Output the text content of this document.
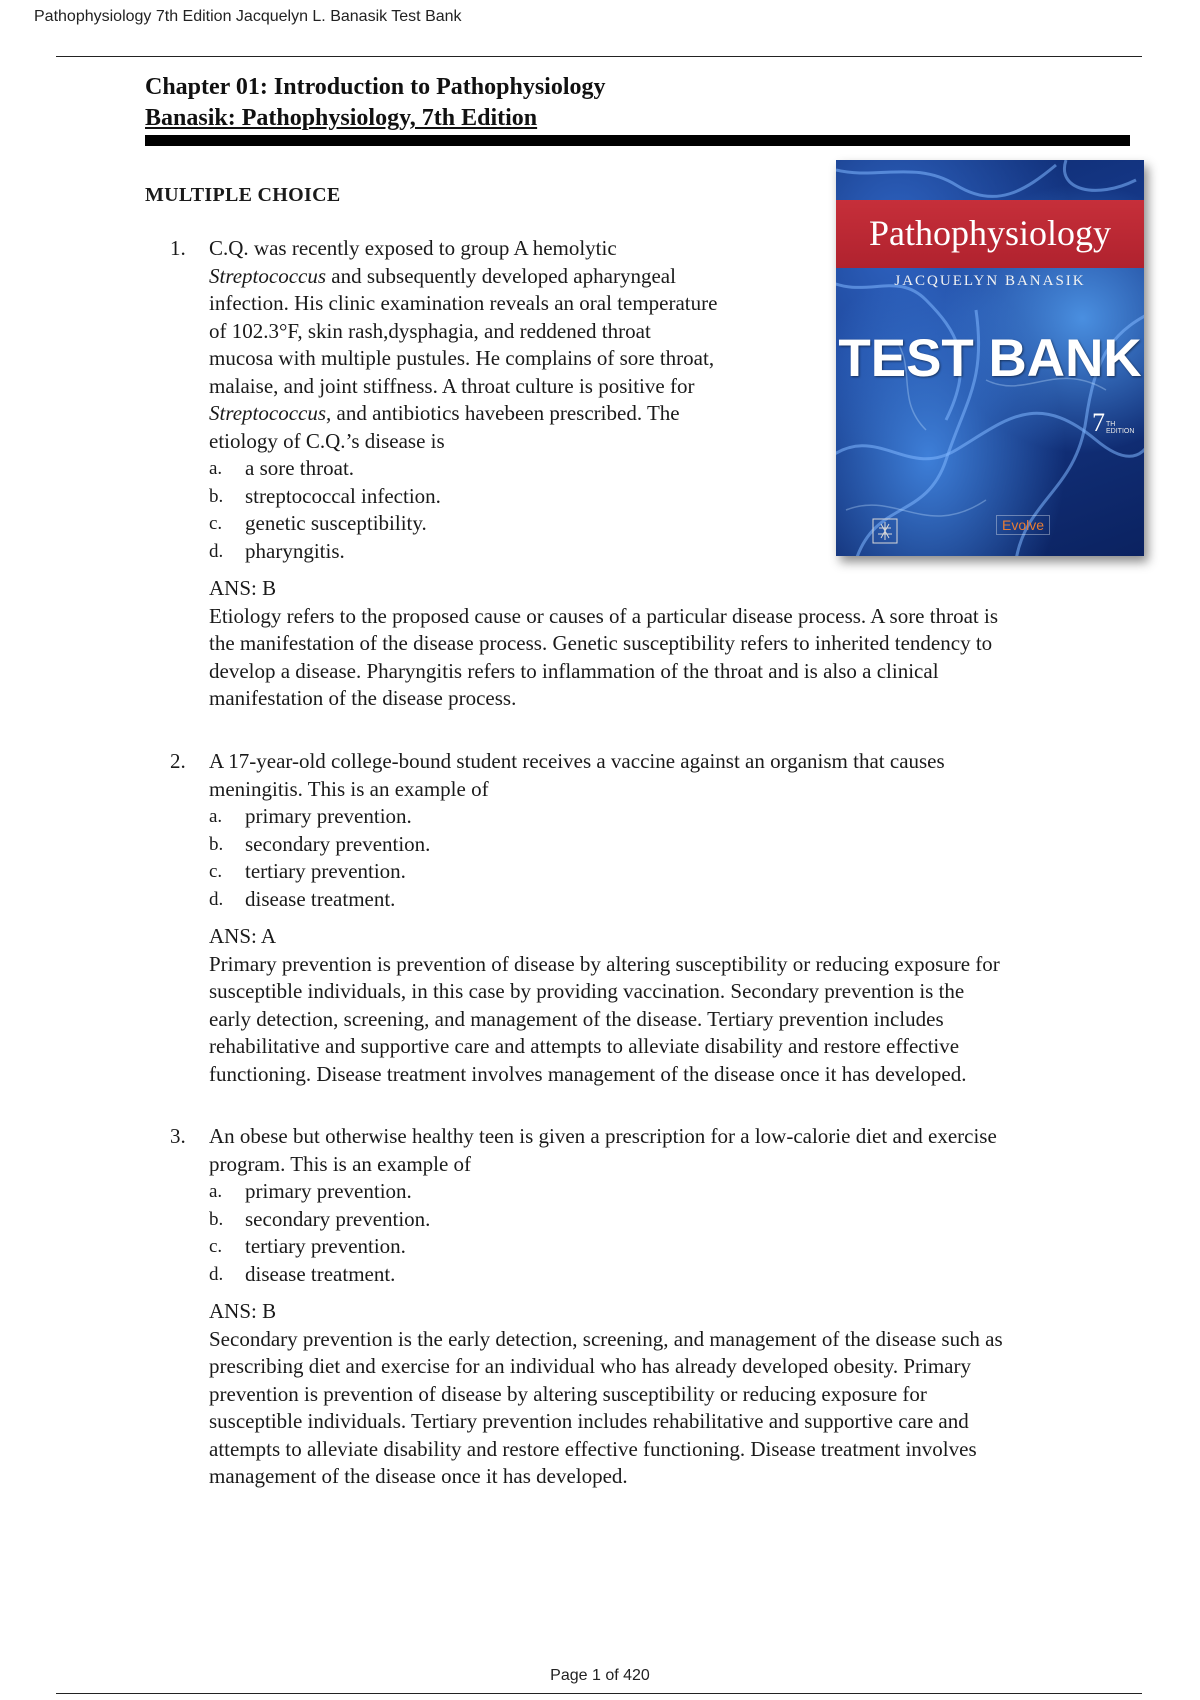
Pathophysiology 7th Edition Jacquelyn L. Banasik Test Bank
Chapter 01: Introduction to Pathophysiology
Banasik: Pathophysiology, 7th Edition
MULTIPLE CHOICE
Pathophysiology
JACQUELYN BANASIK
TEST BANK
7 TH EDITION
Evolve
1.	C.Q. was recently exposed to group A hemolytic
Streptococcus and subsequently developed apharyngeal
infection. His clinic examination reveals an oral temperature
of 102.3°F, skin rash,dysphagia, and reddened throat
mucosa with multiple pustules. He complains of sore throat,
malaise, and joint stiffness. A throat culture is positive for
Streptococcus, and antibiotics havebeen prescribed. The
etiology of C.Q.’s disease is
a. a sore throat.
b. streptococcal infection.
c. genetic susceptibility.
d. pharyngitis.
ANS: B
Etiology refers to the proposed cause or causes of a particular disease process. A sore throat is
the manifestation of the disease process. Genetic susceptibility refers to inherited tendency to
develop a disease. Pharyngitis refers to inflammation of the throat and is also a clinical
manifestation of the disease process.
2.	A 17-year-old college-bound student receives a vaccine against an organism that causes
meningitis. This is an example of
a. primary prevention.
b. secondary prevention.
c. tertiary prevention.
d. disease treatment.
ANS: A
Primary prevention is prevention of disease by altering susceptibility or reducing exposure for
susceptible individuals, in this case by providing vaccination. Secondary prevention is the
early detection, screening, and management of the disease. Tertiary prevention includes
rehabilitative and supportive care and attempts to alleviate disability and restore effective
functioning. Disease treatment involves management of the disease once it has developed.
3.	An obese but otherwise healthy teen is given a prescription for a low-calorie diet and exercise
program. This is an example of
a. primary prevention.
b. secondary prevention.
c. tertiary prevention.
d. disease treatment.
ANS: B
Secondary prevention is the early detection, screening, and management of the disease such as
prescribing diet and exercise for an individual who has already developed obesity. Primary
prevention is prevention of disease by altering susceptibility or reducing exposure for
susceptible individuals. Tertiary prevention includes rehabilitative and supportive care and
attempts to alleviate disability and restore effective functioning. Disease treatment involves
management of the disease once it has developed.
Page 1 of 420
